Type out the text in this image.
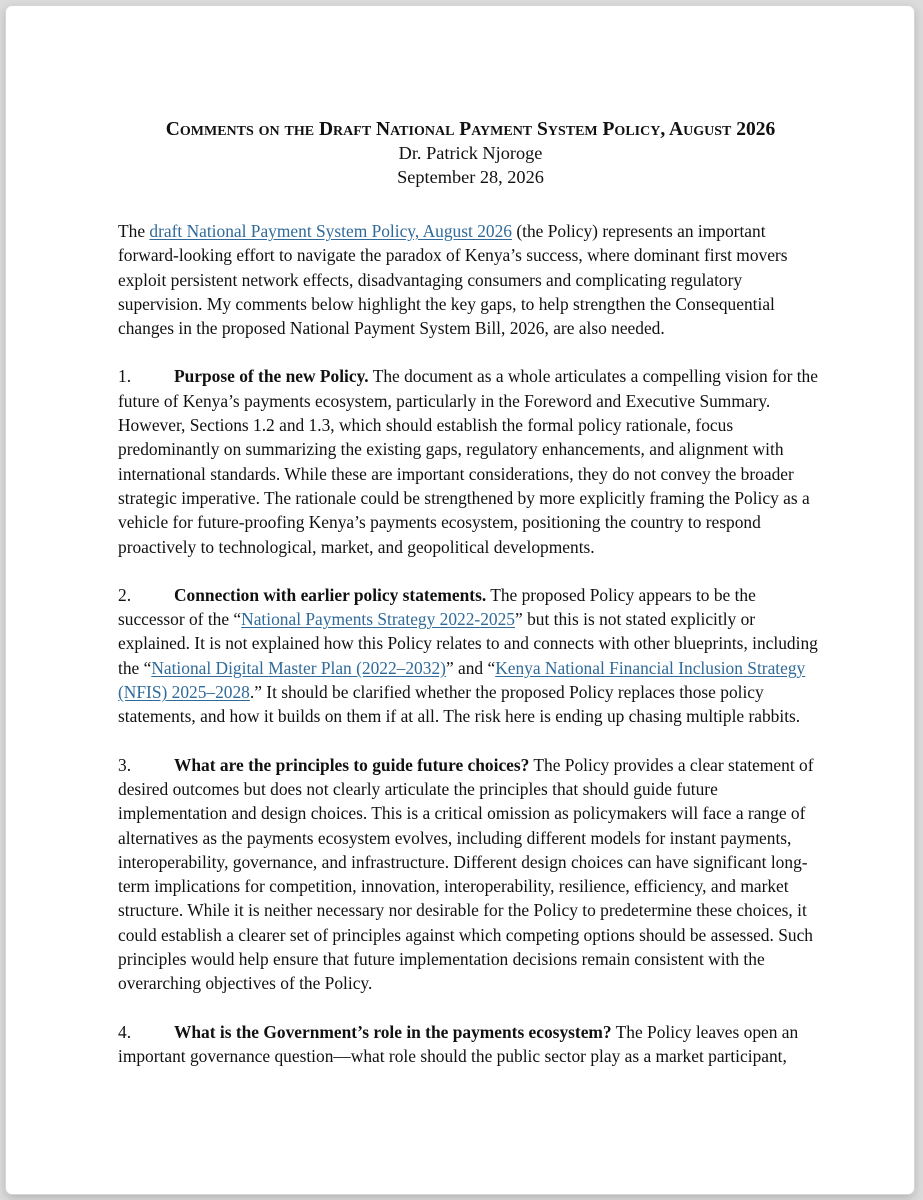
Comments on the Draft National Payment System Policy, August 2026
Dr. Patrick Njoroge
September 28, 2026

The draft National Payment System Policy, August 2026 (the Policy) represents an important forward-looking effort to navigate the paradox of Kenya’s success, where dominant first movers exploit persistent network effects, disadvantaging consumers and complicating regulatory supervision. My comments below highlight the key gaps, to help strengthen the Consequential changes in the proposed National Payment System Bill, 2026, are also needed.

1. Purpose of the new Policy. The document as a whole articulates a compelling vision for the future of Kenya’s payments ecosystem, particularly in the Foreword and Executive Summary. However, Sections 1.2 and 1.3, which should establish the formal policy rationale, focus predominantly on summarizing the existing gaps, regulatory enhancements, and alignment with international standards. While these are important considerations, they do not convey the broader strategic imperative. The rationale could be strengthened by more explicitly framing the Policy as a vehicle for future-proofing Kenya’s payments ecosystem, positioning the country to respond proactively to technological, market, and geopolitical developments.

2. Connection with earlier policy statements. The proposed Policy appears to be the successor of the “National Payments Strategy 2022-2025” but this is not stated explicitly or explained. It is not explained how this Policy relates to and connects with other blueprints, including the “National Digital Master Plan (2022–2032)” and “Kenya National Financial Inclusion Strategy (NFIS) 2025–2028.” It should be clarified whether the proposed Policy replaces those policy statements, and how it builds on them if at all. The risk here is ending up chasing multiple rabbits.

3. What are the principles to guide future choices? The Policy provides a clear statement of desired outcomes but does not clearly articulate the principles that should guide future implementation and design choices. This is a critical omission as policymakers will face a range of alternatives as the payments ecosystem evolves, including different models for instant payments, interoperability, governance, and infrastructure. Different design choices can have significant long-term implications for competition, innovation, interoperability, resilience, efficiency, and market structure. While it is neither necessary nor desirable for the Policy to predetermine these choices, it could establish a clearer set of principles against which competing options should be assessed. Such principles would help ensure that future implementation decisions remain consistent with the overarching objectives of the Policy.

4. What is the Government’s role in the payments ecosystem? The Policy leaves open an important governance question—what role should the public sector play as a market participant,
